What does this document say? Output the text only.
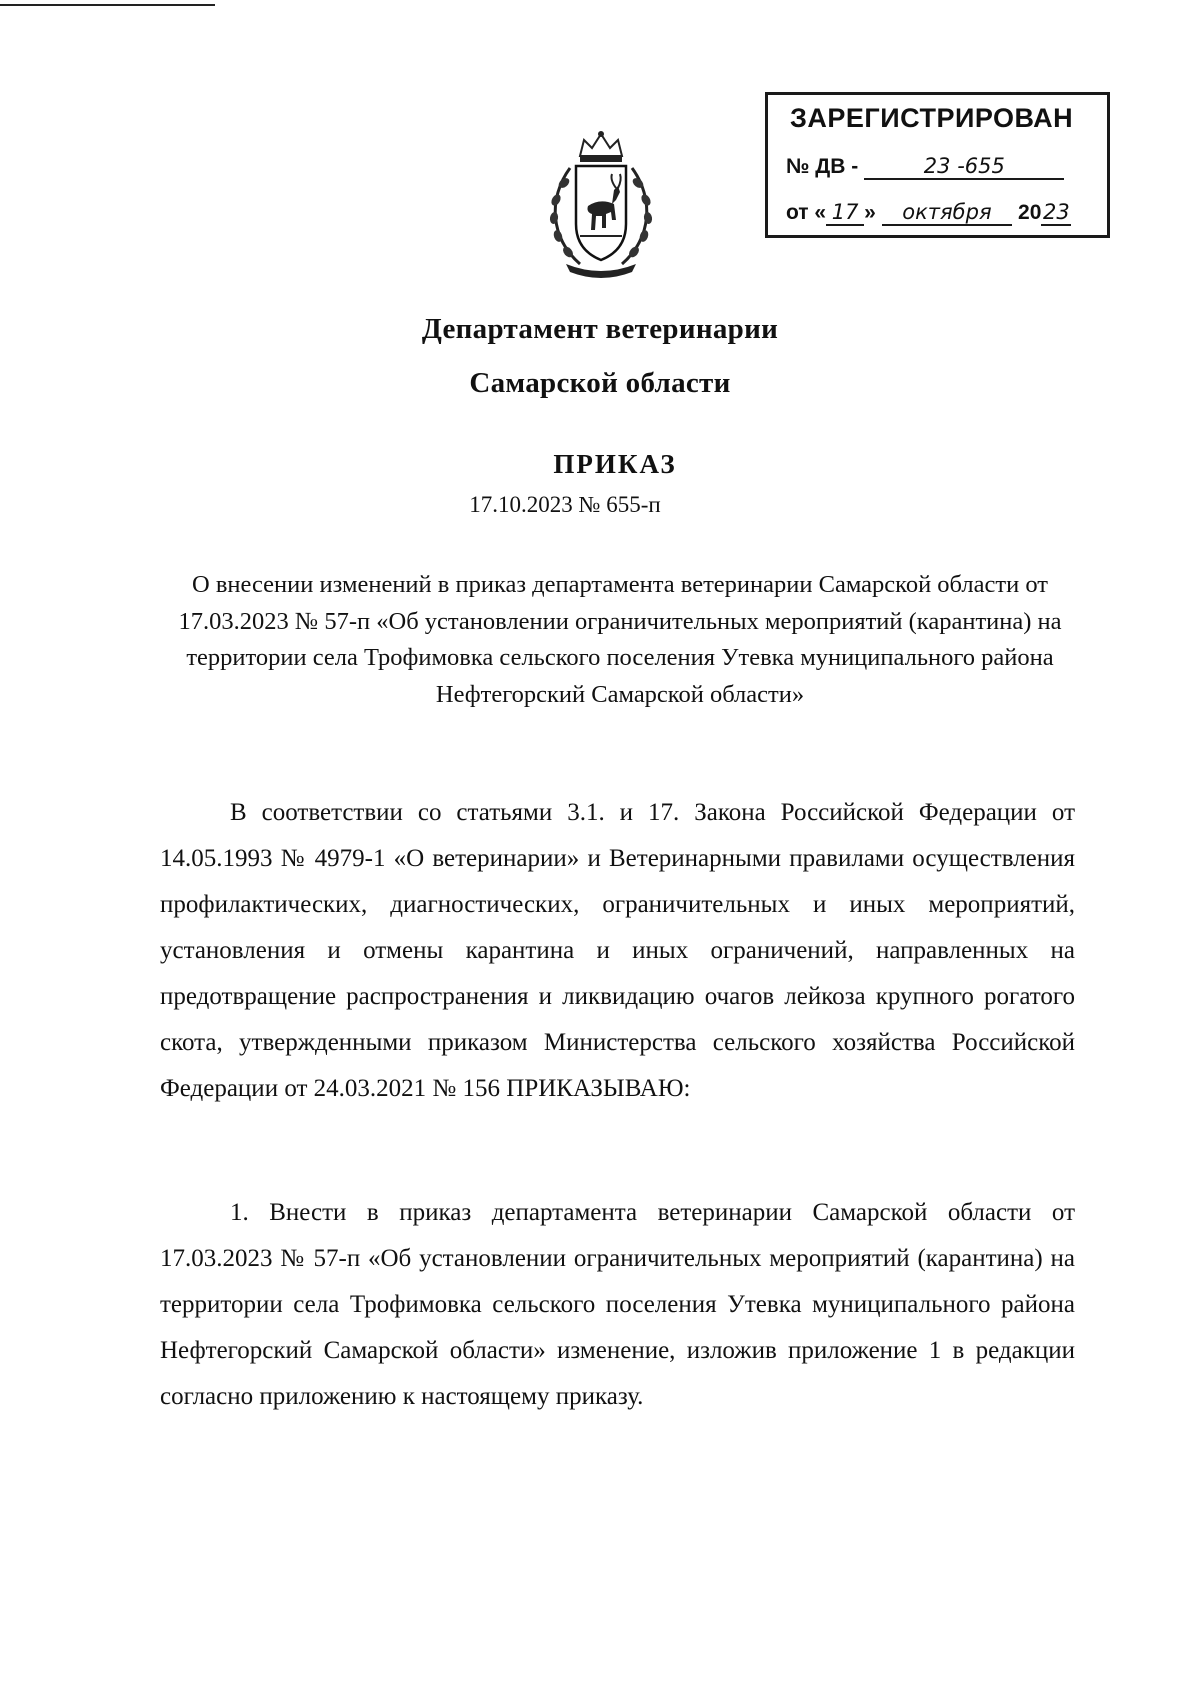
ЗАРЕГИСТРИРОВАН
№ ДВ -	23 -655
от « 17 » октября 2023
Департамент ветеринарии
Самарской области
ПРИКАЗ
17.10.2023 № 655-п
О внесении изменений в приказ департамента ветеринарии Самарской области от 17.03.2023 № 57-п «Об установлении ограничительных мероприятий (карантина) на территории села Трофимовка сельского поселения Утевка муниципального района Нефтегорский Самарской области»
В соответствии со статьями 3.1. и 17. Закона Российской Федерации от 14.05.1993 № 4979-1 «О ветеринарии» и Ветеринарными правилами осуществления профилактических, диагностических, ограничительных и иных мероприятий, установления и отмены карантина и иных ограничений, направленных на предотвращение распространения и ликвидацию очагов лейкоза крупного рогатого скота, утвержденными приказом Министерства сельского хозяйства Российской Федерации от 24.03.2021 № 156 ПРИКАЗЫВАЮ:
1. Внести в приказ департамента ветеринарии Самарской области от 17.03.2023 № 57-п «Об установлении ограничительных мероприятий (карантина) на территории села Трофимовка сельского поселения Утевка муниципального района Нефтегорский Самарской области» изменение, изложив приложение 1 в редакции согласно приложению к настоящему приказу.
